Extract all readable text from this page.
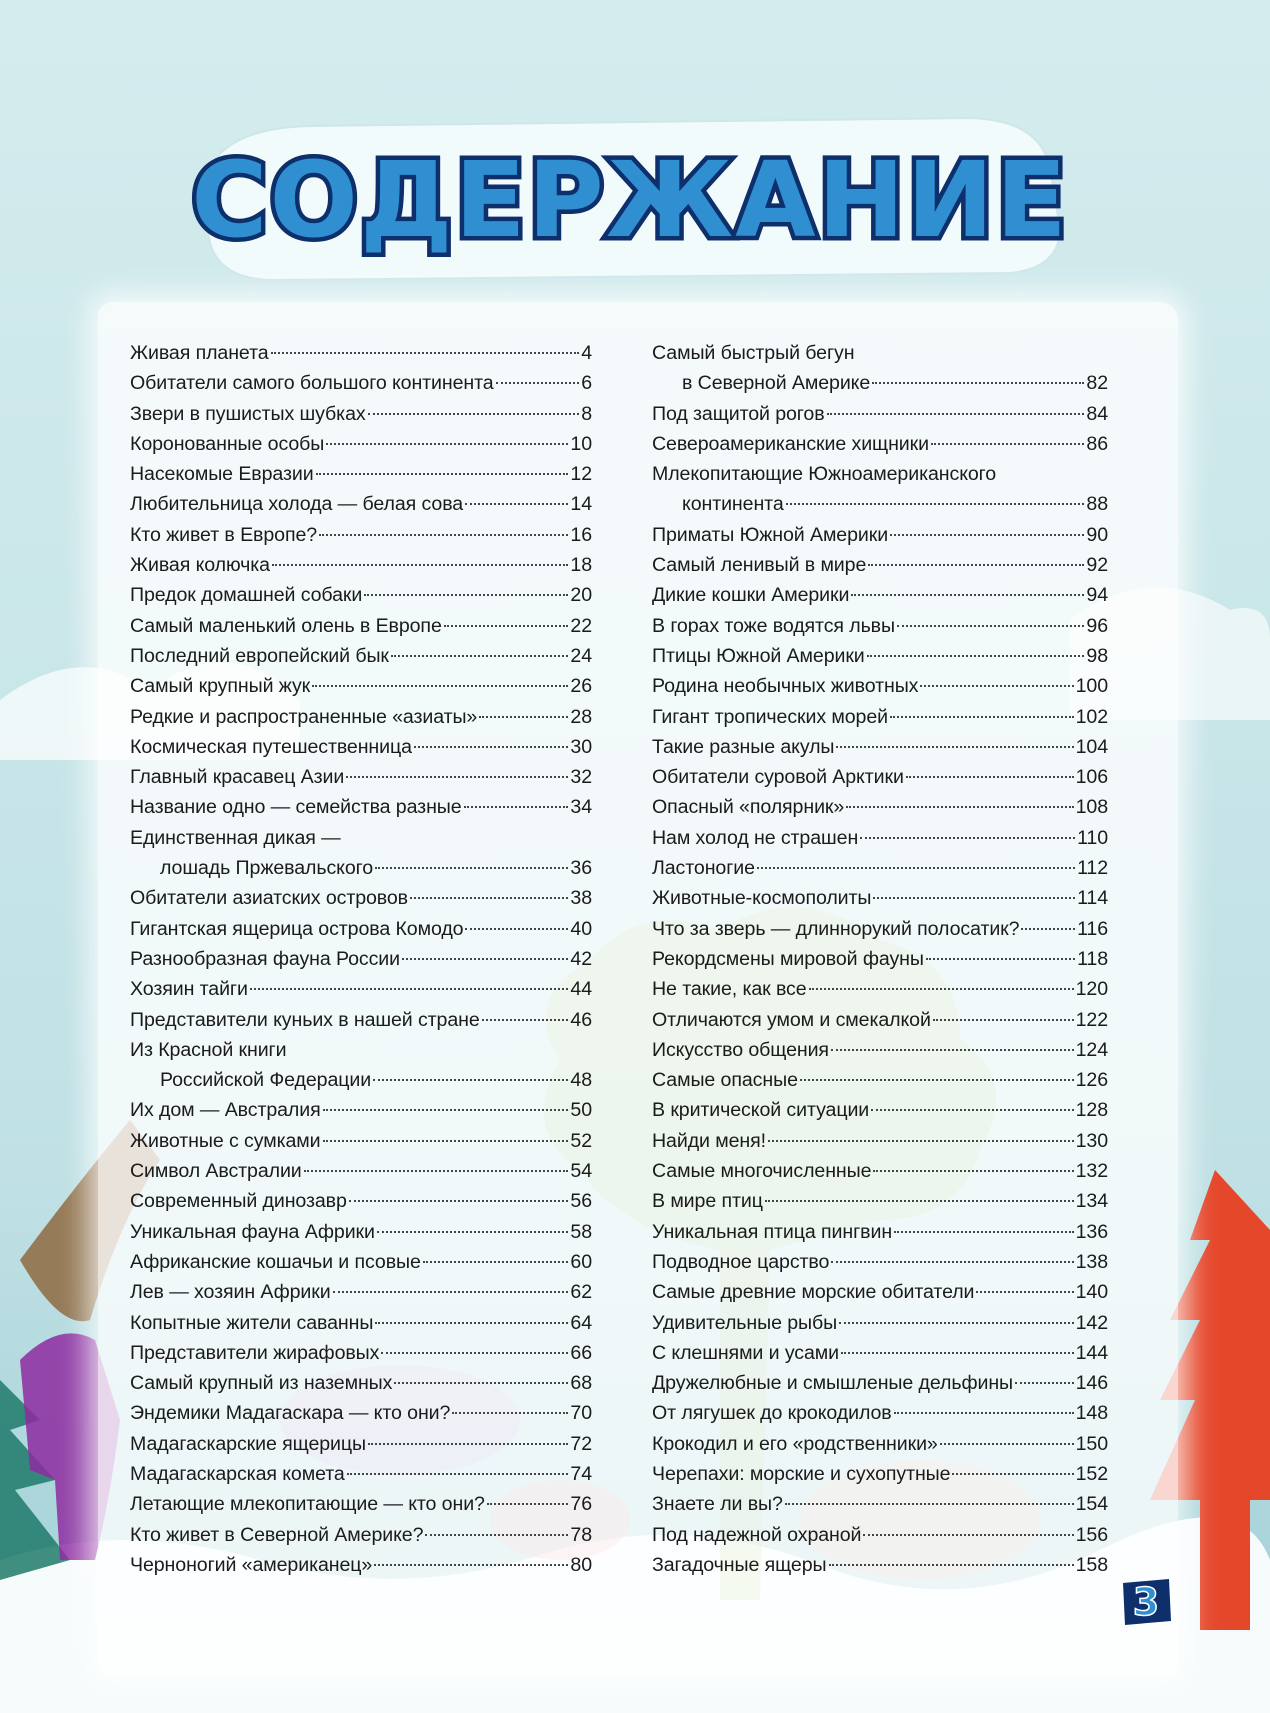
СОДЕРЖАНИЕ
Живая планета	4
Обитатели самого большого континента	6
Звери в пушистых шубках	8
Коронованные особы	10
Насекомые Евразии	12
Любительница холода — белая сова	14
Кто живет в Европе?	16
Живая колючка	18
Предок домашней собаки	20
Самый маленький олень в Европе	22
Последний европейский бык	24
Самый крупный жук	26
Редкие и распространенные «азиаты»	28
Космическая путешественница	30
Главный красавец Азии	32
Название одно — семейства разные	34
Единственная дикая —
лошадь Пржевальского	36
Обитатели азиатских островов	38
Гигантская ящерица острова Комодо	40
Разнообразная фауна России	42
Хозяин тайги	44
Представители куньих в нашей стране	46
Из Красной книги
Российской Федерации	48
Их дом — Австралия	50
Животные с сумками	52
Символ Австралии	54
Современный динозавр	56
Уникальная фауна Африки	58
Африканские кошачьи и псовые	60
Лев — хозяин Африки	62
Копытные жители саванны	64
Представители жирафовых	66
Самый крупный из наземных	68
Эндемики Мадагаскара — кто они?	70
Мадагаскарские ящерицы	72
Мадагаскарская комета	74
Летающие млекопитающие — кто они?	76
Кто живет в Северной Америке?	78
Черноногий «американец»	80
Самый быстрый бегун
в Северной Америке	82
Под защитой рогов	84
Североамериканские хищники	86
Млекопитающие Южноамериканского
континента	88
Приматы Южной Америки	90
Самый ленивый в мире	92
Дикие кошки Америки	94
В горах тоже водятся львы	96
Птицы Южной Америки	98
Родина необычных животных	100
Гигант тропических морей	102
Такие разные акулы	104
Обитатели суровой Арктики	106
Опасный «полярник»	108
Нам холод не страшен	110
Ластоногие	112
Животные-космополиты	114
Что за зверь — длиннорукий полосатик?	116
Рекордсмены мировой фауны	118
Не такие, как все	120
Отличаются умом и смекалкой	122
Искусство общения	124
Самые опасные	126
В критической ситуации	128
Найди меня!	130
Самые многочисленные	132
В мире птиц	134
Уникальная птица пингвин	136
Подводное царство	138
Самые древние морские обитатели	140
Удивительные рыбы	142
С клешнями и усами	144
Дружелюбные и смышленые дельфины	146
От лягушек до крокодилов	148
Крокодил и его «родственники»	150
Черепахи: морские и сухопутные	152
Знаете ли вы?	154
Под надежной охраной	156
Загадочные ящеры	158
3
